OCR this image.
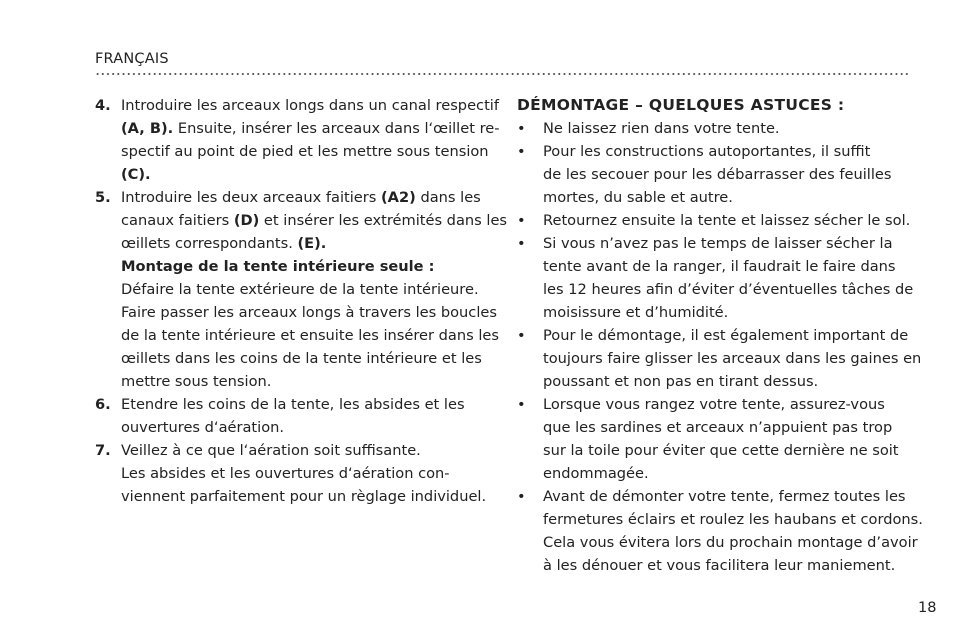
FRANÇAIS
4. Introduire les arceaux longs dans un canal respectif
(A, B). Ensuite, insérer les arceaux dans l‘œillet re-
spectif au point de pied et les mettre sous tension
(C).
5. Introduire les deux arceaux faitiers (A2) dans les
canaux faitiers (D) et insérer les extrémités dans les
œillets correspondants. (E).
Montage de la tente intérieure seule :
Défaire la tente extérieure de la tente intérieure.
Faire passer les arceaux longs à travers les boucles
de la tente intérieure et ensuite les insérer dans les
œillets dans les coins de la tente intérieure et les
mettre sous tension.
6. Etendre les coins de la tente, les absides et les
ouvertures d‘aération.
7. Veillez à ce que l‘aération soit suffisante.
Les absides et les ouvertures d‘aération con-
viennent parfaitement pour un règlage individuel.
DÉMONTAGE – QUELQUES ASTUCES :
• Ne laissez rien dans votre tente.
• Pour les constructions autoportantes, il suffit
de les secouer pour les débarrasser des feuilles
mortes, du sable et autre.
• Retournez ensuite la tente et laissez sécher le sol.
• Si vous n’avez pas le temps de laisser sécher la
tente avant de la ranger, il faudrait le faire dans
les 12 heures afin d’éviter d’éventuelles tâches de
moisissure et d’humidité.
• Pour le démontage, il est également important de
toujours faire glisser les arceaux dans les gaines en
poussant et non pas en tirant dessus.
• Lorsque vous rangez votre tente, assurez-vous
que les sardines et arceaux n’appuient pas trop
sur la toile pour éviter que cette dernière ne soit
endommagée.
• Avant de démonter votre tente, fermez toutes les
fermetures éclairs et roulez les haubans et cordons.
Cela vous évitera lors du prochain montage d’avoir
à les dénouer et vous facilitera leur maniement.
18
